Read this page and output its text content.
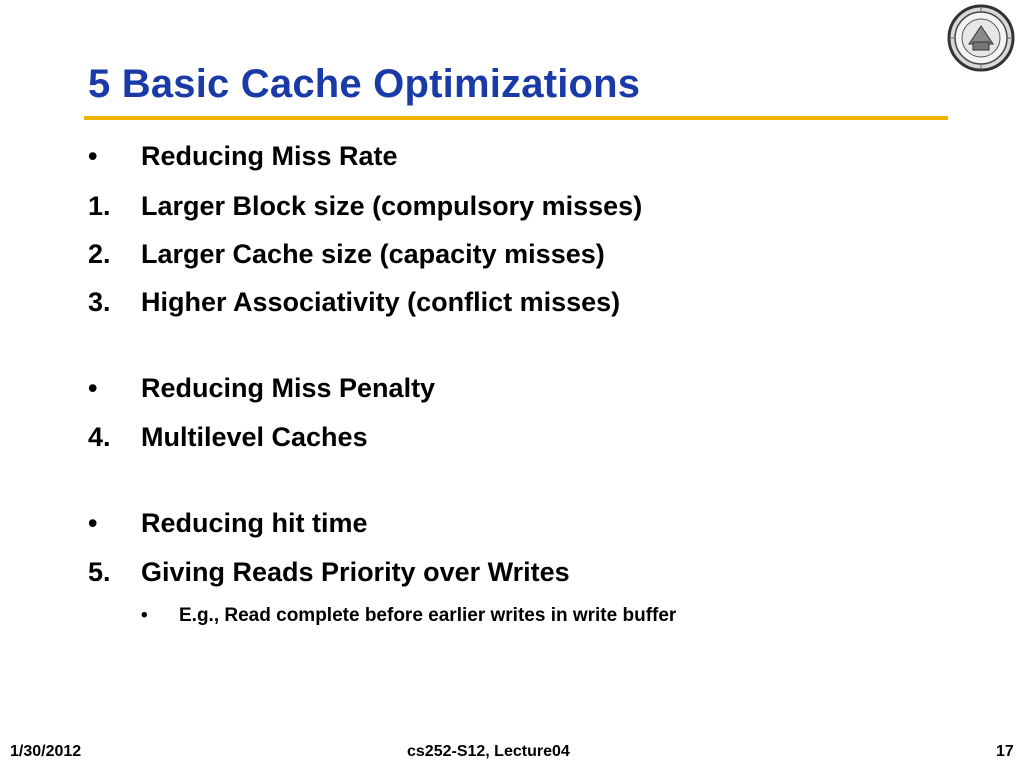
5 Basic Cache Optimizations
• Reducing Miss Rate
1. Larger Block size (compulsory misses)
2. Larger Cache size (capacity misses)
3. Higher Associativity (conflict misses)
• Reducing Miss Penalty
4. Multilevel Caches
• Reducing hit time
5. Giving Reads Priority over Writes
• E.g., Read complete before earlier writes in write buffer
1/30/2012	cs252-S12, Lecture04	17
